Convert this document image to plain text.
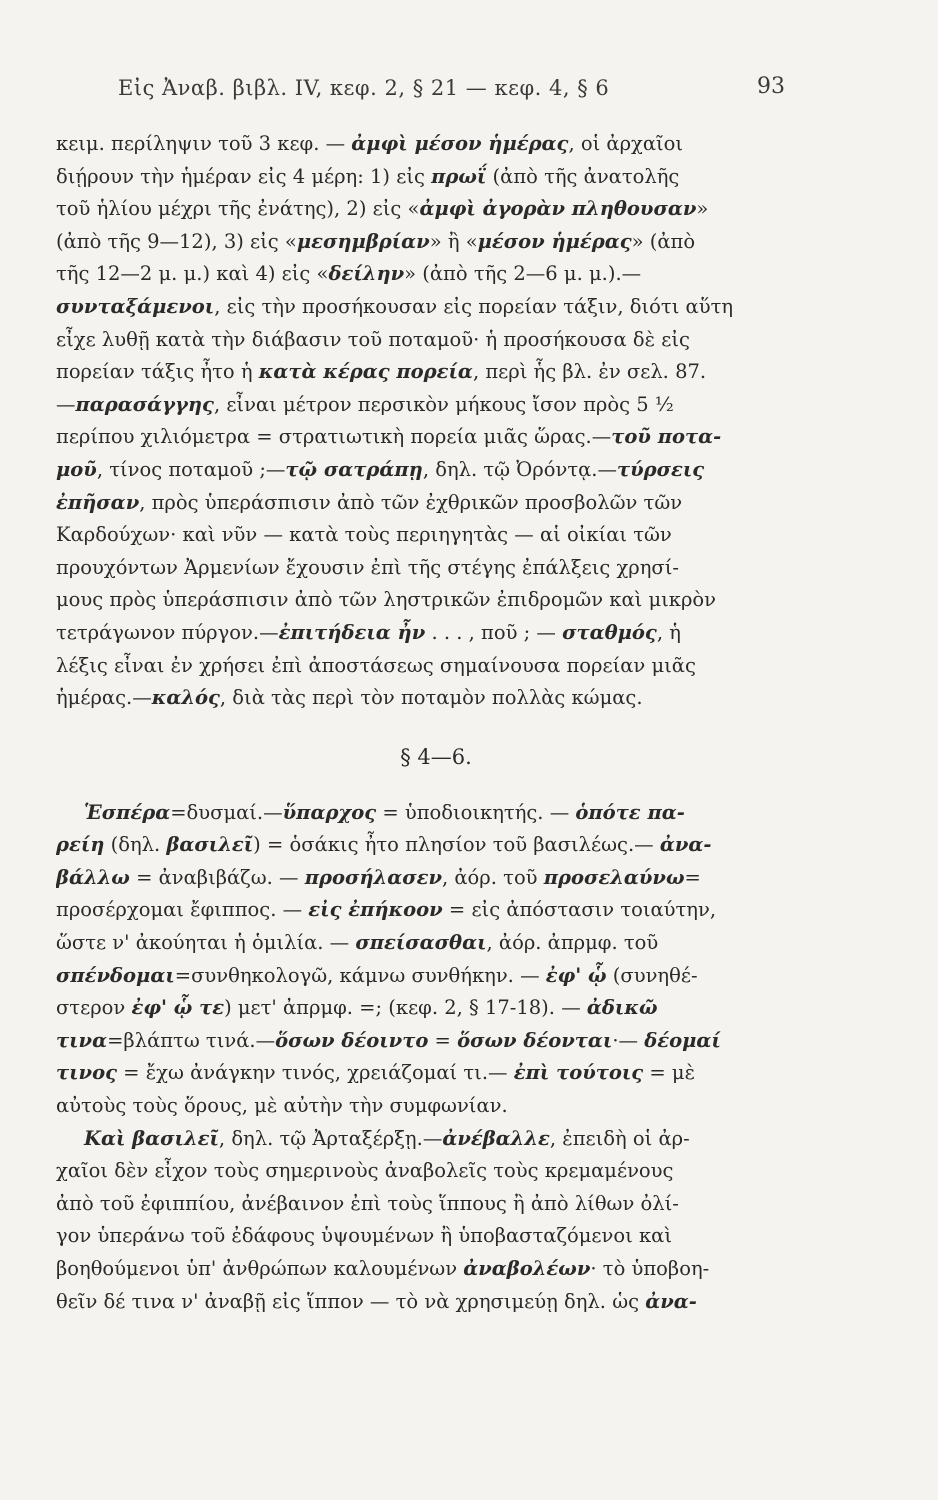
Εἰς Ἀναβ. βιβλ. IV, κεφ. 2, § 21 — κεφ. 4, § 6	93
κειμ. περίληψιν τοῦ 3 κεφ. — ἀμφὶ μέσον ἡμέρας, οἱ ἀρχαῖοι
διῄρουν τὴν ἡμέραν εἰς 4 μέρη: 1) εἰς πρωΐ (ἀπὸ τῆς ἀνατολῆς
τοῦ ἡλίου μέχρι τῆς ἐνάτης), 2) εἰς «ἀμφὶ ἀγορὰν πληθουσαν»
(ἀπὸ τῆς 9—12), 3) εἰς «μεσημβρίαν» ἢ «μέσον ἡμέρας» (ἀπὸ
τῆς 12—2 μ. μ.) καὶ 4) εἰς «δείλην» (ἀπὸ τῆς 2—6 μ. μ.).—
συνταξάμενοι, εἰς τὴν προσήκουσαν εἰς πορείαν τάξιν, διότι αὕτη
εἶχε λυθῇ κατὰ τὴν διάβασιν τοῦ ποταμοῦ· ἡ προσήκουσα δὲ εἰς
πορείαν τάξις ἦτο ἡ κατὰ κέρας πορεία, περὶ ἧς βλ. ἐν σελ. 87.
—παρασάγγης, εἶναι μέτρον περσικὸν μήκους ἴσον πρὸς 5 ½
περίπου χιλιόμετρα = στρατιωτικὴ πορεία μιᾶς ὥρας.—τοῦ ποτα-
μοῦ, τίνος ποταμοῦ ;—τῷ σατράπῃ, δηλ. τῷ Ὀρόντᾳ.—τύρσεις
ἐπῆσαν, πρὸς ὑπεράσπισιν ἀπὸ τῶν ἐχθρικῶν προσβολῶν τῶν
Καρδούχων· καὶ νῦν — κατὰ τοὺς περιηγητὰς — αἱ οἰκίαι τῶν
προυχόντων Ἀρμενίων ἔχουσιν ἐπὶ τῆς στέγης ἐπάλξεις χρησί-
μους πρὸς ὑπεράσπισιν ἀπὸ τῶν ληστρικῶν ἐπιδρομῶν καὶ μικρὸν
τετράγωνον πύργον.—ἐπιτήδεια ἦν . . . , ποῦ ; — σταθμός, ἡ
λέξις εἶναι ἐν χρήσει ἐπὶ ἀποστάσεως σημαίνουσα πορείαν μιᾶς
ἡμέρας.—καλός, διὰ τὰς περὶ τὸν ποταμὸν πολλὰς κώμας.
§ 4—6.
Ἑσπέρα=δυσμαί.—ὕπαρχος = ὑποδιοικητής. — ὁπότε πα-
ρείη (δηλ. βασιλεῖ) = ὁσάκις ἦτο πλησίον τοῦ βασιλέως.— ἀνα-
βάλλω = ἀναβιβάζω. — προσήλασεν, ἀόρ. τοῦ προσελαύνω=
προσέρχομαι ἔφιππος. — εἰς ἐπήκοον = εἰς ἀπόστασιν τοιαύτην,
ὥστε ν' ἀκούηται ἡ ὁμιλία. — σπείσασθαι, ἀόρ. ἀπρμφ. τοῦ
σπένδομαι=συνθηκολογῶ, κάμνω συνθήκην. — ἐφ' ᾧ (συνηθέ-
στερον ἐφ' ᾧ τε) μετ' ἀπρμφ. =; (κεφ. 2, § 17-18). — ἀδικῶ
τινα=βλάπτω τινά.—ὅσων δέοιντο = ὅσων δέονται·— δέομαί
τινος = ἔχω ἀνάγκην τινός, χρειάζομαί τι.— ἐπὶ τούτοις = μὲ
αὐτοὺς τοὺς ὅρους, μὲ αὐτὴν τὴν συμφωνίαν.
Καὶ βασιλεῖ, δηλ. τῷ Ἀρταξέρξῃ.—ἀνέβαλλε, ἐπειδὴ οἱ ἀρ-
χαῖοι δὲν εἶχον τοὺς σημερινοὺς ἀναβολεῖς τοὺς κρεμαμένους
ἀπὸ τοῦ ἐφιππίου, ἀνέβαινον ἐπὶ τοὺς ἵππους ἢ ἀπὸ λίθων ὀλί-
γον ὑπεράνω τοῦ ἐδάφους ὑψουμένων ἢ ὑποβασταζόμενοι καὶ
βοηθούμενοι ὑπ' ἀνθρώπων καλουμένων ἀναβολέων· τὸ ὑποβοη-
θεῖν δέ τινα ν' ἀναβῇ εἰς ἵππον — τὸ νὰ χρησιμεύῃ δηλ. ὡς ἀνα-
